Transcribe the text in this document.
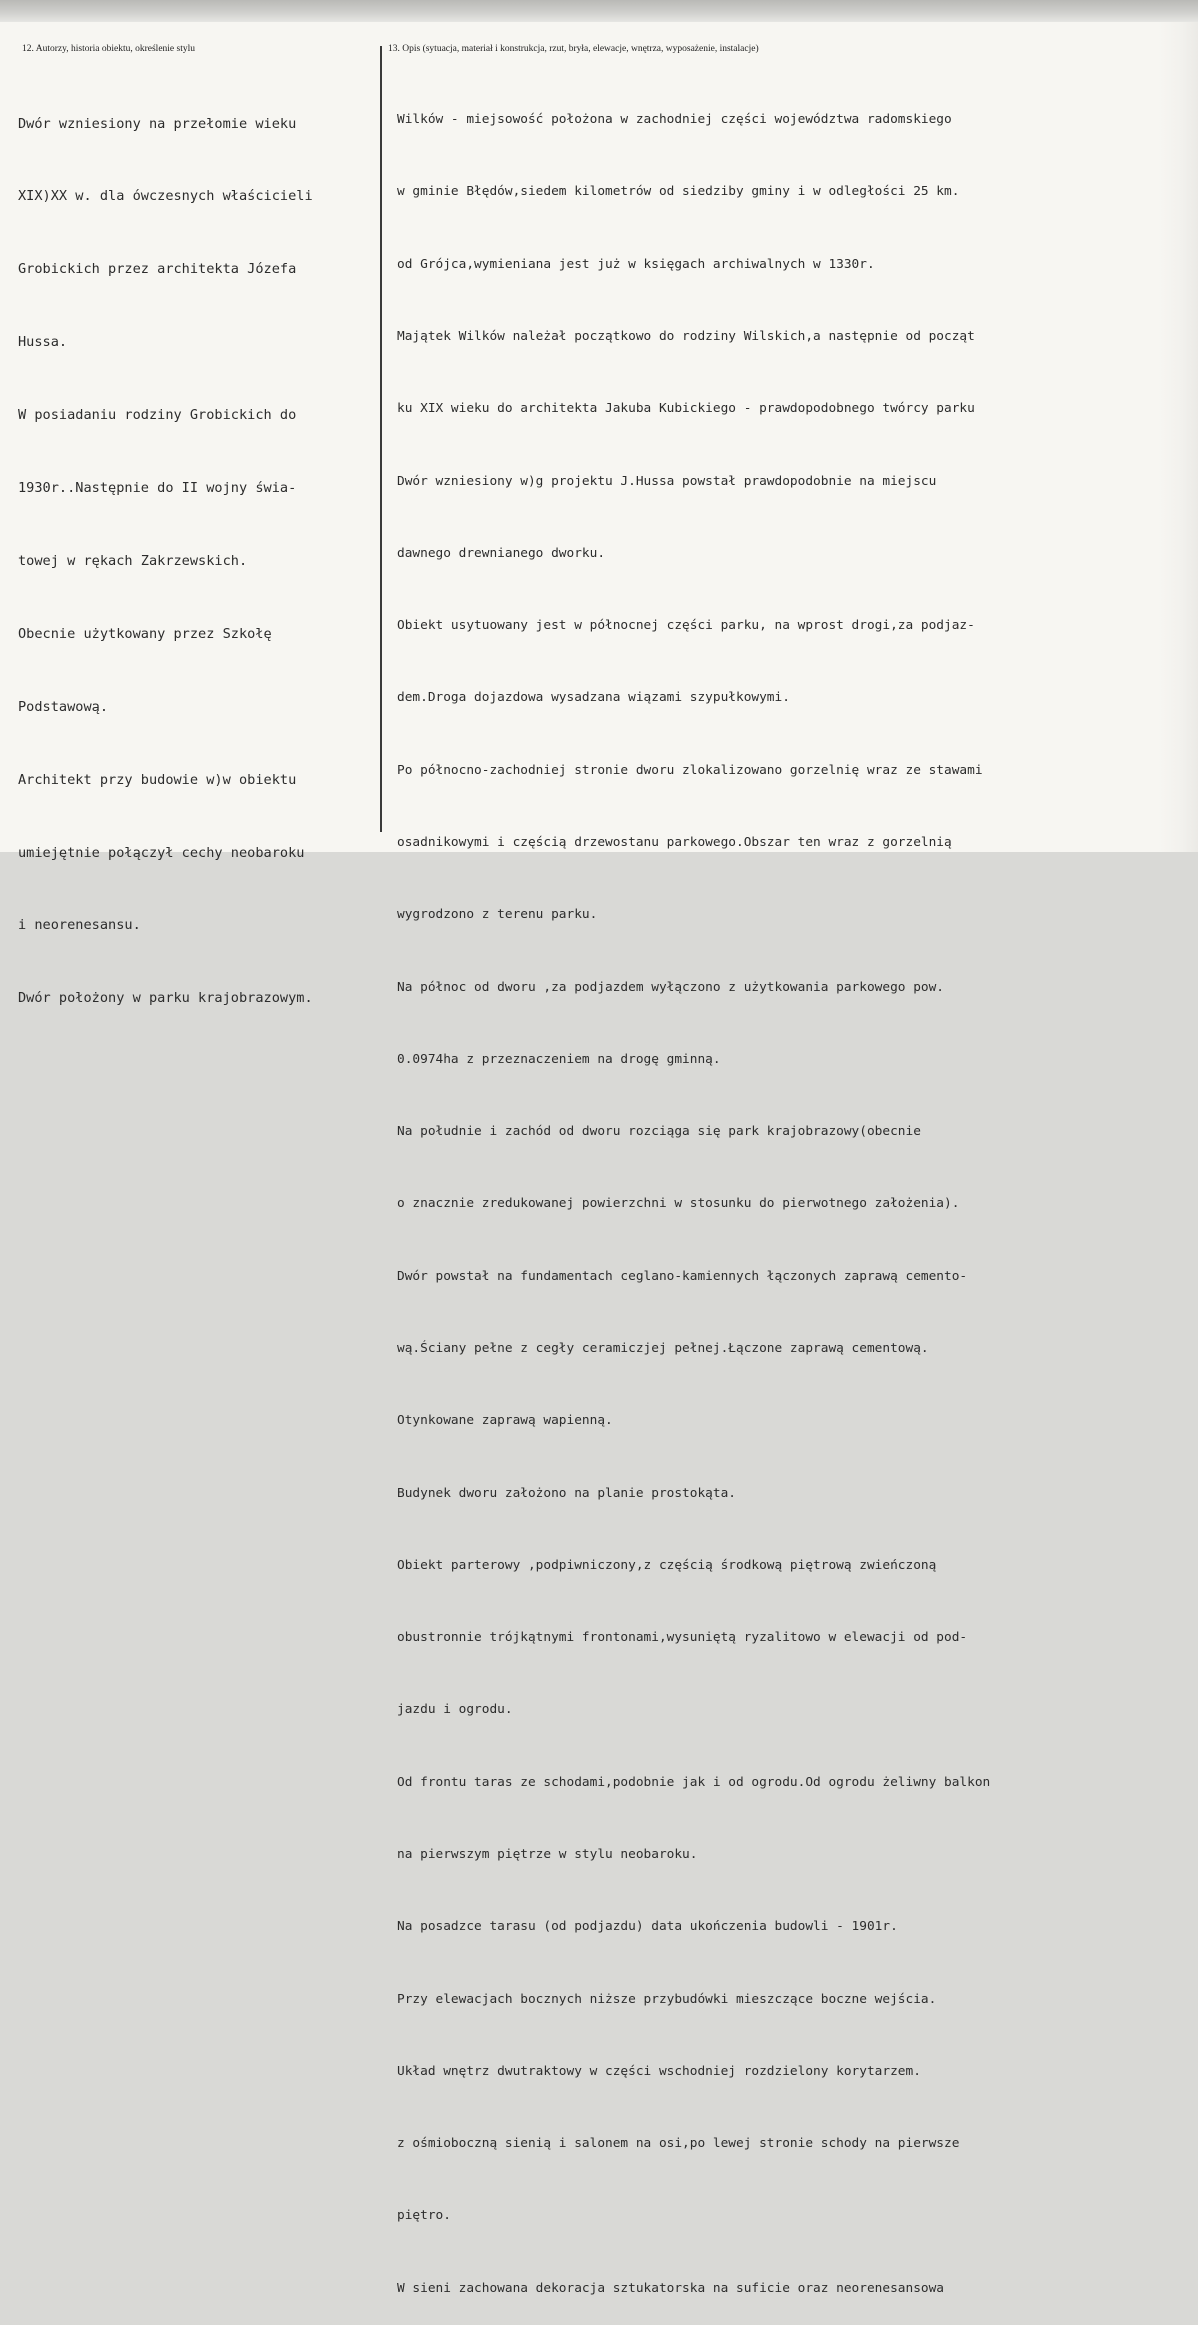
12. Autorzy, historia obiektu, określenie stylu	13. Opis (sytuacja, materiał i konstrukcja, rzut, bryła, elewacje, wnętrza, wyposażenie, instalacje)

Dwór wzniesiony na przełomie wieku

XIX)XX w. dla ówczesnych właścicieli

Grobickich przez architekta Józefa

Hussa.

W posiadaniu rodziny Grobickich do

1930r..Następnie do II wojny świa-

towej w rękach Zakrzewskich.

Obecnie użytkowany przez Szkołę

Podstawową.

Architekt przy budowie w)w obiektu

umiejętnie połączył cechy neobaroku

i neorenesansu.

Dwór położony w parku krajobrazowym.

Wilków - miejsowość położona w zachodniej części województwa radomskiego

w gminie Błędów,siedem kilometrów od siedziby gminy i w odległości 25 km.

od Grójca,wymieniana jest już w księgach archiwalnych w 1330r.

Majątek Wilków należał początkowo do rodziny Wilskich,a następnie od począt

ku XIX wieku do architekta Jakuba Kubickiego - prawdopodobnego twórcy parku

Dwór wzniesiony w)g projektu J.Hussa powstał prawdopodobnie na miejscu

dawnego drewnianego dworku.

Obiekt usytuowany jest w północnej części parku, na wprost drogi,za podjaz-

dem.Droga dojazdowa wysadzana wiązami szypułkowymi.

Po północno-zachodniej stronie dworu zlokalizowano gorzelnię wraz ze stawami

osadnikowymi i częścią drzewostanu parkowego.Obszar ten wraz z gorzelnią

wygrodzono z terenu parku.

Na północ od dworu ,za podjazdem wyłączono z użytkowania parkowego pow.

0.0974ha z przeznaczeniem na drogę gminną.

Na południe i zachód od dworu rozciąga się park krajobrazowy(obecnie

o znacznie zredukowanej powierzchni w stosunku do pierwotnego założenia).

Dwór powstał na fundamentach ceglano-kamiennych łączonych zaprawą cemento-

wą.Ściany pełne z cegły ceramiczjej pełnej.Łączone zaprawą cementową.

Otynkowane zaprawą wapienną.

Budynek dworu założono na planie prostokąta.

Obiekt parterowy ,podpiwniczony,z częścią środkową piętrową zwieńczoną

obustronnie trójkątnymi frontonami,wysuniętą ryzalitowo w elewacji od pod-

jazdu i ogrodu.

Od frontu taras ze schodami,podobnie jak i od ogrodu.Od ogrodu żeliwny balkon

na pierwszym piętrze w stylu neobaroku.

Na posadzce tarasu (od podjazdu) data ukończenia budowli - 1901r.

Przy elewacjach bocznych niższe przybudówki mieszczące boczne wejścia.

Układ wnętrz dwutraktowy w części wschodniej rozdzielony korytarzem.

z ośmioboczną sienią i salonem na osi,po lewej stronie schody na pierwsze

piętro.

W sieni zachowana dekoracja sztukatorska na suficie oraz neorenesansowa
